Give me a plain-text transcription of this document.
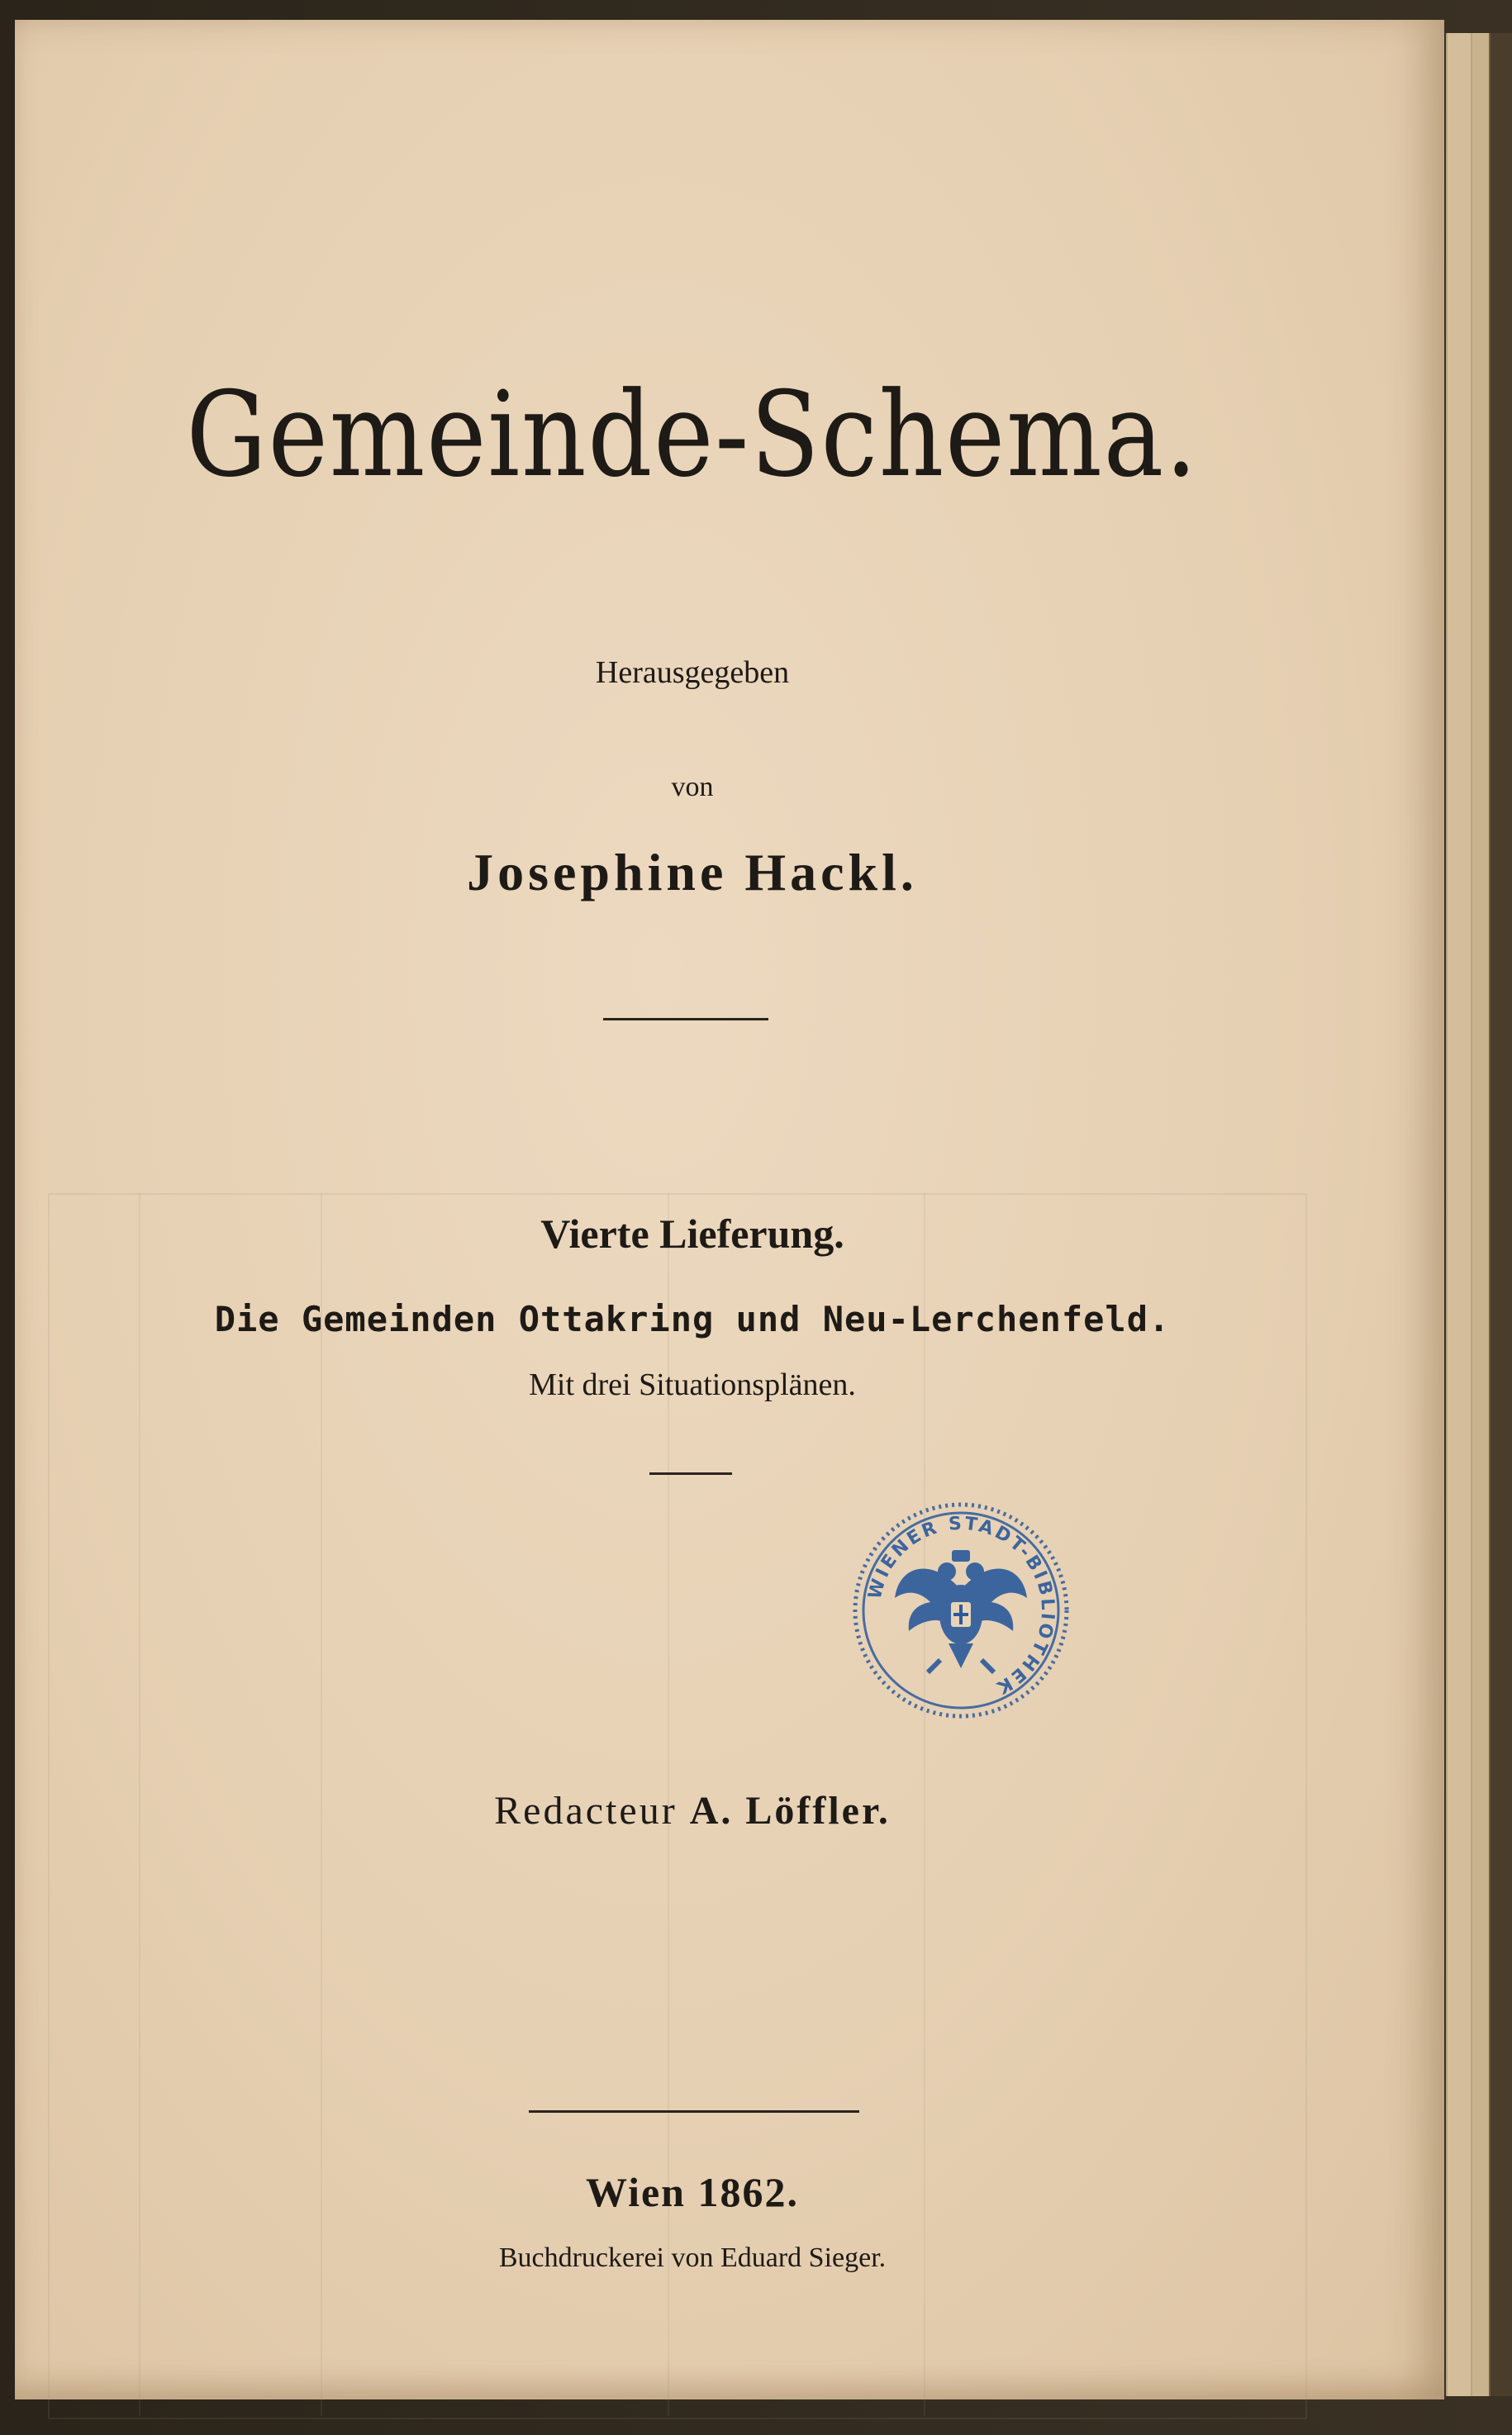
Gemeinde-Schema.
Herausgegeben
von
Josephine Hackl.
Vierte Lieferung.
Die Gemeinden Ottakring und Neu-Lerchenfeld.
Mit drei Situationsplänen.
Redacteur A. Löffler.
Wien 1862.
Buchdruckerei von Eduard Sieger.
WIENER STADT-BIBLIOTHEK
